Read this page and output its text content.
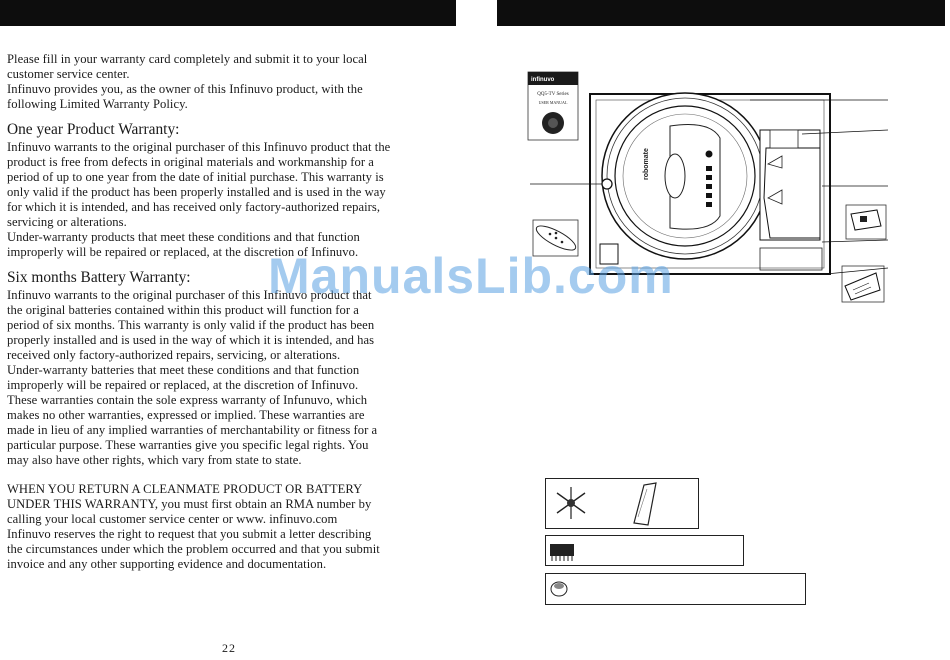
Please fill in your warranty card completely and submit it to your local
customer service center.
Infinuvo provides you, as the owner of this Infinuvo product, with the
following Limited Warranty Policy.
One year Product Warranty:
Infinuvo warrants to the original purchaser of this Infinuvo product that the
product is free from defects in original materials and workmanship for a
period of up to one year from the date of initial purchase. This warranty is
only valid if the product has been properly installed and is used in the way
for which it is intended, and has received only factory-authorized repairs,
servicing or alterations.
Under-warranty products that meet these conditions and that function
improperly will be repaired or replaced, at the discretion of Infinuvo.
Six months Battery Warranty:
Infinuvo warrants to the original purchaser of this Infinuvo product that
the original batteries contained within this product will function for a
period of six months. This warranty is only valid if the product has been
properly installed and is used in the way of which it is intended, and has
received only factory-authorized repairs, servicing, or alterations.
Under-warranty batteries that meet these conditions and that function
improperly will be repaired or replaced, at the discretion of Infinuvo.
These warranties contain the sole express warranty of Infunuvo, which
makes no other warranties, expressed or implied. These warranties are
made in lieu of any implied warranties of merchantability or fitness for a
particular purpose. These warranties give you specific legal rights. You
may also have other rights, which vary from state to state.
WHEN YOU RETURN A CLEANMATE PRODUCT OR BATTERY
UNDER THIS WARRANTY, you must first obtain an RMA number by
calling your local customer service center or www. infinuvo.com
Infinuvo reserves the right to request that you submit a letter describing
the circumstances under which the problem occurred and that you submit
invoice and any other supporting evidence and documentation.
22
infinuvo
QQ5-TV Series
USER MANUAL
robomate
ManualsLib.com
